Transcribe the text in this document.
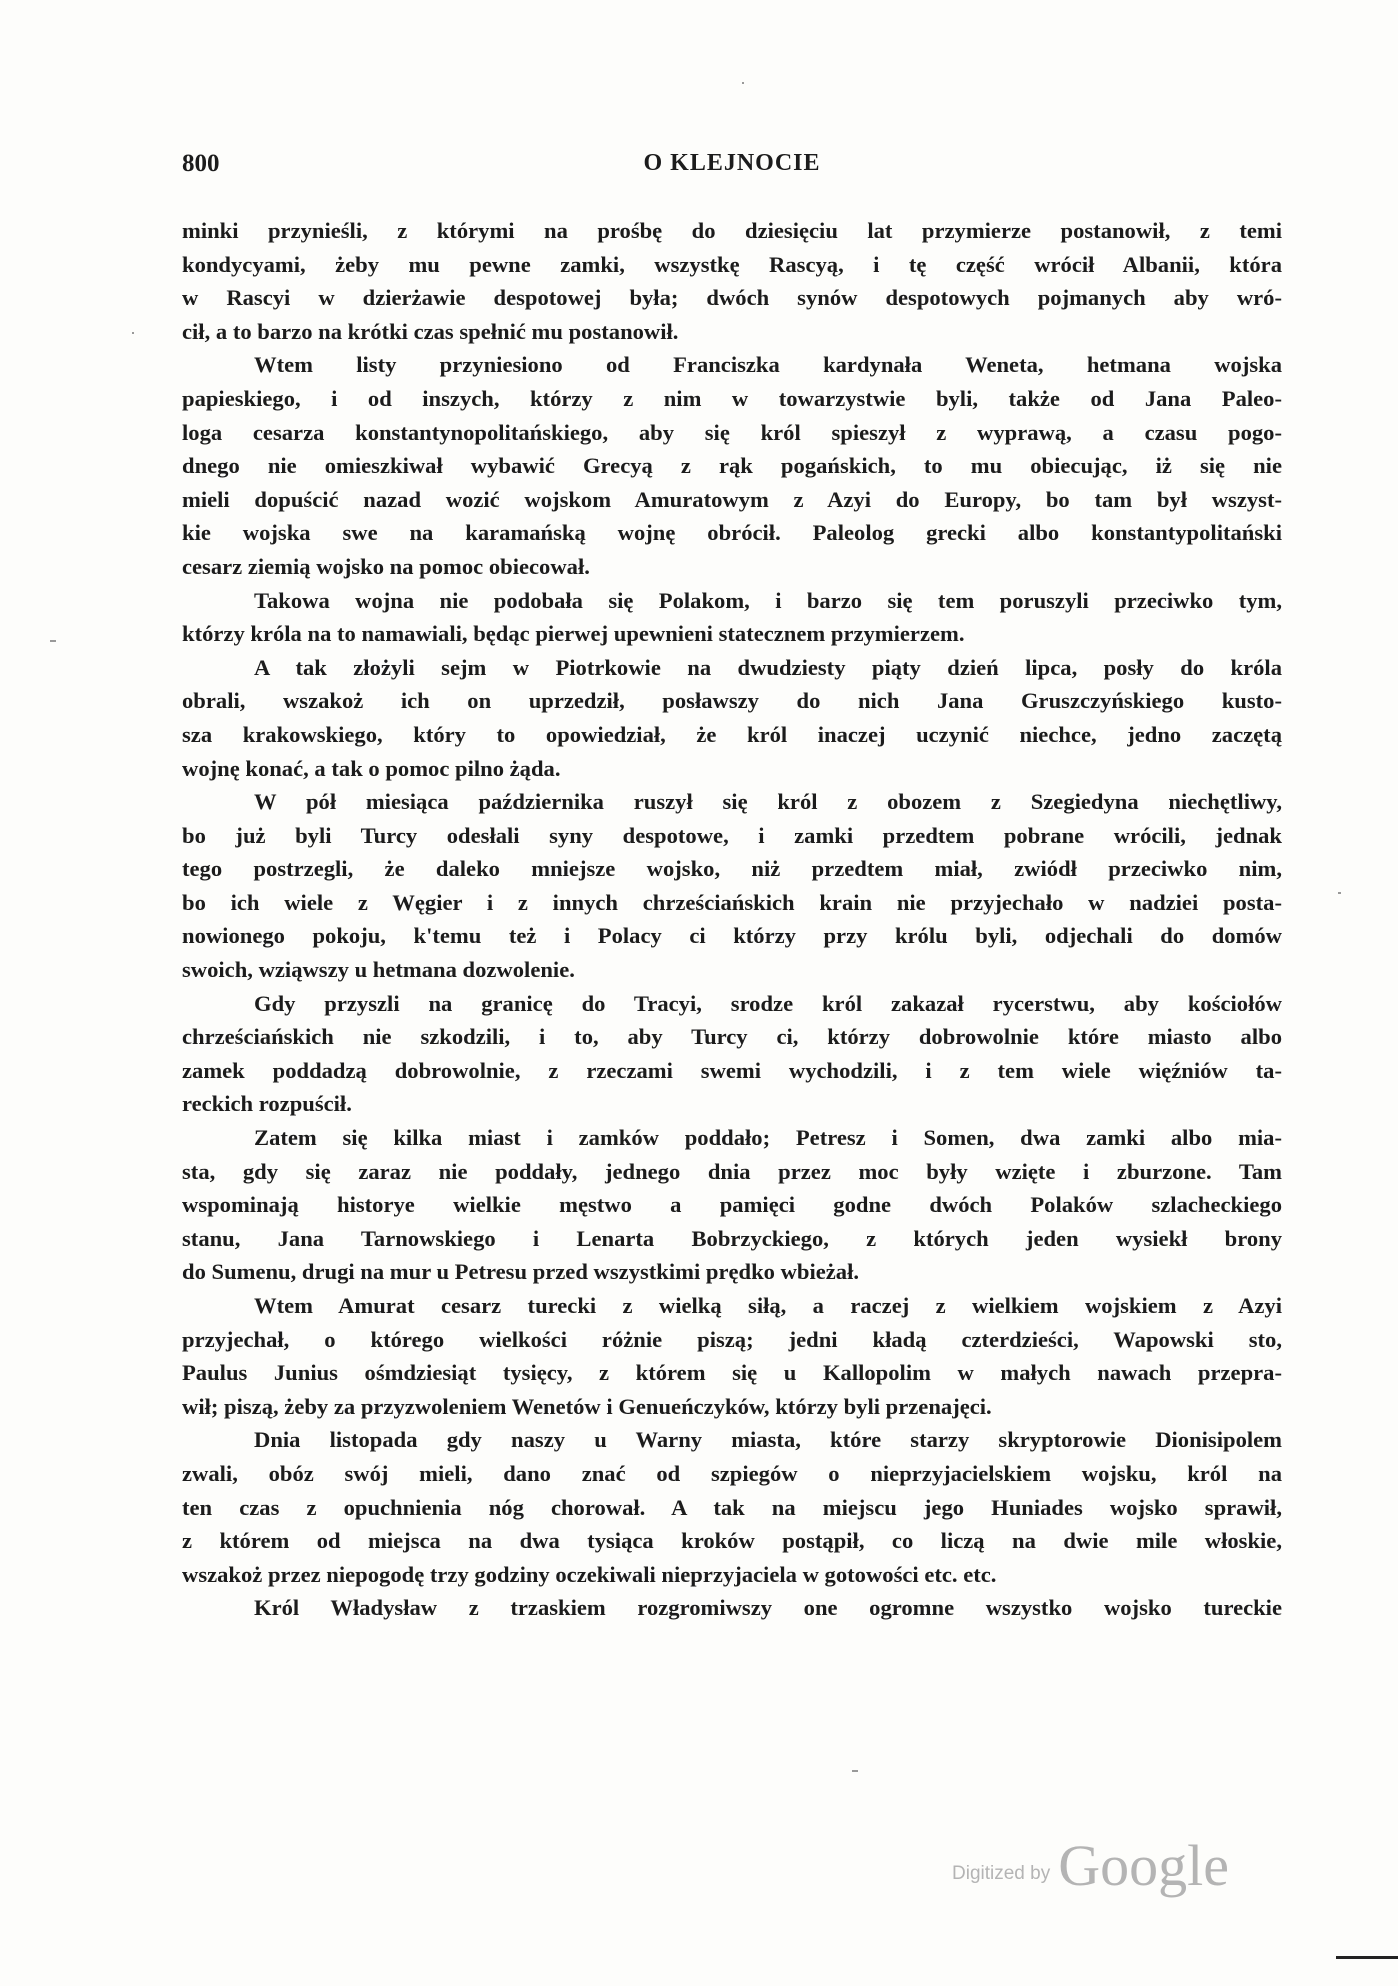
800	O KLEJNOCIE

minki przynieśli, z którymi na prośbę do dziesięciu lat przymierze postanowił, z temi

kondycyami, żeby mu pewne zamki, wszystkę Rascyą, i tę część wrócił Albanii, która

w Rascyi w dzierżawie despotowej była; dwóch synów despotowych pojmanych aby wró-

cił, a to barzo na krótki czas spełnić mu postanowił.

Wtem listy przyniesiono od Franciszka kardynała Weneta, hetmana wojska

papieskiego, i od inszych, którzy z nim w towarzystwie byli, także od Jana Paleo-

loga cesarza konstantynopolitańskiego, aby się król spieszył z wyprawą, a czasu pogo-

dnego nie omieszkiwał wybawić Grecyą z rąk pogańskich, to mu obiecując, iż się nie

mieli dopuścić nazad wozić wojskom Amuratowym z Azyi do Europy, bo tam był wszyst-

kie wojska swe na karamańską wojnę obrócił. Paleolog grecki albo konstantypolitański

cesarz ziemią wojsko na pomoc obiecował.

Takowa wojna nie podobała się Polakom, i barzo się tem poruszyli przeciwko tym,

którzy króla na to namawiali, będąc pierwej upewnieni statecznem przymierzem.

A tak złożyli sejm w Piotrkowie na dwudziesty piąty dzień lipca, posły do króla

obrali, wszakoż ich on uprzedził, posławszy do nich Jana Gruszczyńskiego kusto-

sza krakowskiego, który to opowiedział, że król inaczej uczynić niechce, jedno zaczętą

wojnę konać, a tak o pomoc pilno żąda.

W pół miesiąca października ruszył się król z obozem z Szegiedyna niechętliwy,

bo już byli Turcy odesłali syny despotowe, i zamki przedtem pobrane wrócili, jednak

tego postrzegli, że daleko mniejsze wojsko, niż przedtem miał, zwiódł przeciwko nim,

bo ich wiele z Węgier i z innych chrześciańskich krain nie przyjechało w nadziei posta-

nowionego pokoju, k'temu też i Polacy ci którzy przy królu byli, odjechali do domów

swoich, wziąwszy u hetmana dozwolenie.

Gdy przyszli na granicę do Tracyi, srodze król zakazał rycerstwu, aby kościołów

chrześciańskich nie szkodzili, i to, aby Turcy ci, którzy dobrowolnie które miasto albo

zamek poddadzą dobrowolnie, z rzeczami swemi wychodzili, i z tem wiele więźniów ta-

reckich rozpuścił.

Zatem się kilka miast i zamków poddało; Petresz i Somen, dwa zamki albo mia-

sta, gdy się zaraz nie poddały, jednego dnia przez moc były wzięte i zburzone. Tam

wspominają historye wielkie męstwo a pamięci godne dwóch Polaków szlacheckiego

stanu, Jana Tarnowskiego i Lenarta Bobrzyckiego, z których jeden wysiekł brony

do Sumenu, drugi na mur u Petresu przed wszystkimi prędko wbieżał.

Wtem Amurat cesarz turecki z wielką siłą, a raczej z wielkiem wojskiem z Azyi

przyjechał, o którego wielkości różnie piszą; jedni kładą czterdzieści, Wapowski sto,

Paulus Junius ośmdziesiąt tysięcy, z którem się u Kallopolim w małych nawach przepra-

wił; piszą, żeby za przyzwoleniem Wenetów i Genueńczyków, którzy byli przenajęci.

Dnia listopada gdy naszy u Warny miasta, które starzy skryptorowie Dionisipolem

zwali, obóz swój mieli, dano znać od szpiegów o nieprzyjacielskiem wojsku, król na

ten czas z opuchnienia nóg chorował. A tak na miejscu jego Huniades wojsko sprawił,

z którem od miejsca na dwa tysiąca kroków postąpił, co liczą na dwie mile włoskie,

wszakoż przez niepogodę trzy godziny oczekiwali nieprzyjaciela w gotowości etc. etc.

Król Władysław z trzaskiem rozgromiwszy one ogromne wszystko wojsko tureckie

Digitized by Google
